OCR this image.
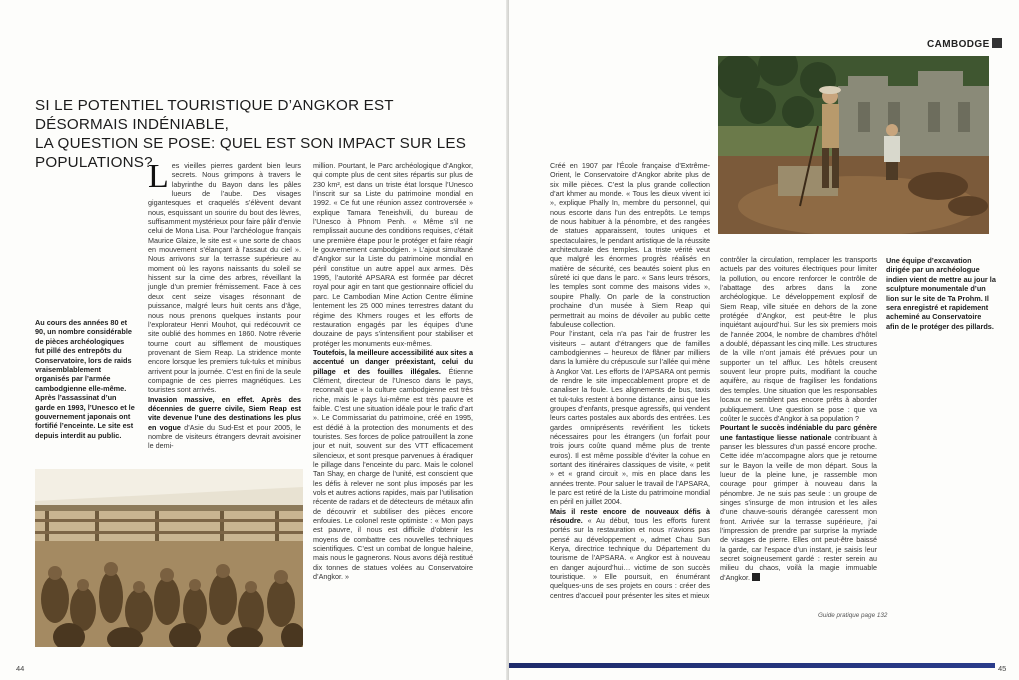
SI LE POTENTIEL TOURISTIQUE D’ANGKOR EST DÉSORMAIS INDÉNIABLE,
LA QUESTION SE POSE: QUEL EST SON IMPACT SUR LES POPULATIONS?
Au cours des années 80 et 90, un nombre considérable de pièces archéologiques fut pillé des entrepôts du Conservatoire, lors de raids vraisemblablement organisés par l’armée cambodgienne elle-même. Après l’assassinat d’un garde en 1993, l’Unesco et le gouvernement japonais ont fortifié l’enceinte. Le site est depuis interdit au public.
L es vieilles pierres gardent bien leurs secrets. Nous grimpons à travers le labyrinthe du Bayon dans les pâles lueurs de l’aube. Des visages gigantesques et craquelés s’élèvent devant nous, esquissant un sourire du bout des lèvres, suffisamment mystérieux pour faire pâlir d’envie celui de Mona Lisa. Pour l’archéologue français Maurice Glaize, le site est « une sorte de chaos en mouvement s’élançant à l’assaut du ciel ». Nous arrivons sur la terrasse supérieure au moment où les rayons naissants du soleil se hissent sur la cime des arbres, réveillant la jungle d’un premier frémissement. Face à ces deux cent seize visages résonnant de puissance, malgré leurs huit cents ans d’âge, nous nous prenons quelques instants pour l’explorateur Henri Mouhot, qui redécouvrit ce site oublié des hommes en 1860. Notre rêverie tourne court au sifflement de moustiques provenant de Siem Reap. La stridence monte encore lorsque les premiers tuk-tuks et minibus arrivent pour la journée. C’est en fini de la seule compagnie de ces pierres magnétiques. Les touristes sont arrivés.

Invasion massive, en effet. Après des décennies de guerre civile, Siem Reap est vite devenue l’une des destinations les plus en vogue d’Asie du Sud-Est et pour 2005, le nombre de visiteurs étrangers devrait avoisiner le demi-

million. Pourtant, le Parc archéologique d’Angkor, qui compte plus de cent sites répartis sur plus de 230 km², est dans un triste état lorsque l’Unesco l’inscrit sur sa Liste du patrimoine mondial en 1992. « Ce fut une réunion assez controversée » explique Tamara Teneishvili, du bureau de l’Unesco à Phnom Penh. « Même s’il ne remplissait aucune des conditions requises, c’était une première étape pour le protéger et faire réagir le gouvernement cambodgien. » L’ajout simultané d’Angkor sur la Liste du patrimoine mondial en péril constitue un autre appel aux armes. Dès 1995, l’autorité APSARA est formée par décret royal pour agir en tant que gestionnaire officiel du parc. Le Cambodian Mine Action Centre élimine lentement les 25 000 mines terrestres datant du régime des Khmers rouges et les efforts de restauration engagés par les équipes d’une douzaine de pays s’intensifient pour stabiliser et protéger les monuments eux-mêmes.

Toutefois, la meilleure accessibilité aux sites a accentué un danger préexistant, celui du pillage et des fouilles illégales. Étienne Clément, directeur de l’Unesco dans le pays, reconnaît que « la culture cambodgienne est très riche, mais le pays lui-même est très pauvre et faible. C’est une situation idéale pour le trafic d’art ». Le Commissariat du patrimoine, créé en 1995, est dédié à la protection des monuments et des touristes. Ses forces de police patrouillent la zone jour et nuit, souvent sur des VTT efficacement silencieux, et sont presque parvenues à éradiquer le pillage dans l’enceinte du parc. Mais le colonel Tan Shay, en charge de l’unité, est conscient que les défis à relever ne sont plus imposés par les vols et autres actions rapides, mais par l’utilisation récente de radars et de détecteurs de métaux afin de découvrir et subtiliser des pièces encore enfouies. Le colonel reste optimiste : « Mon pays est pauvre, il nous est difficile d’obtenir les moyens de combattre ces nouvelles techniques scientifiques. C’est un combat de longue haleine, mais nous le gagnerons. Nous avons déjà restitué dix tonnes de statues volées au Conservatoire d’Angkor. »

44
CAMBODGE
Une équipe d’excavation dirigée par un archéologue indien vient de mettre au jour la sculpture monumentale d’un lion sur le site de Ta Prohm. Il sera enregistré et rapidement acheminé au Conservatoire afin de le protéger des pillards.

Créé en 1907 par l’École française d’Extrême-Orient, le Conservatoire d’Angkor abrite plus de six mille pièces. C’est la plus grande collection d’art khmer au monde. « Tous les dieux vivent ici », explique Phally In, membre du personnel, qui nous escorte dans l’un des entrepôts. Le temps de nous habituer à la pénombre, et des rangées de statues apparaissent, toutes uniques et spectaculaires, le pendant artistique de la réussite architecturale des temples. La triste vérité veut que malgré les énormes progrès réalisés en matière de sécurité, ces beautés soient plus en sûreté ici que dans le parc. « Sans leurs trésors, les temples sont comme des maisons vides », soupire Phally. On parle de la construction prochaine d’un musée à Siem Reap qui permettrait au moins de dévoiler au public cette fabuleuse collection.

Pour l’instant, cela n’a pas l’air de frustrer les visiteurs – autant d’étrangers que de familles cambodgiennes – heureux de flâner par milliers dans la lumière du crépuscule sur l’allée qui mène à Angkor Vat. Les efforts de l’APSARA ont permis de rendre le site impeccablement propre et de canaliser la foule. Les alignements de bus, taxis et tuk-tuks restent à bonne distance, ainsi que les groupes d’enfants, presque agressifs, qui vendent leurs cartes postales aux abords des entrées. Les gardes omniprésents revérifient les tickets nécessaires pour les étrangers (un forfait pour trois jours coûte quand même plus de trente euros). Il est même possible d’éviter la cohue en sortant des itinéraires classiques de visite, « petit » et « grand circuit », mis en place dans les années trente. Pour saluer le travail de l’APSARA, le parc est retiré de la Liste du patrimoine mondial en péril en juillet 2004.

Mais il reste encore de nouveaux défis à résoudre. « Au début, tous les efforts furent portés sur la restauration et nous n’avions pas pensé au développement », admet Chau Sun Kerya, directrice technique du Département du tourisme de l’APSARA. « Angkor est à nouveau en danger aujourd’hui… victime de son succès touristique. » Elle poursuit, en énumérant quelques-uns de ses projets en cours : créer des centres d’accueil pour présenter les sites et mieux

contrôler la circulation, remplacer les transports actuels par des voitures électriques pour limiter la pollution, ou encore renforcer le contrôle de l’abattage des arbres dans la zone archéologique. Le développement explosif de Siem Reap, ville située en dehors de la zone protégée d’Angkor, est peut-être le plus inquiétant aujourd’hui. Sur les six premiers mois de l’année 2004, le nombre de chambres d’hôtel a doublé, dépassant les cinq mille. Les structures de la ville n’ont jamais été prévues pour un supporter un tel afflux. Les hôtels creusent souvent leur propre puits, modifiant la couche aquifère, au risque de fragiliser les fondations des temples. Une situation que les responsables locaux ne semblent pas encore prêts à aborder publiquement. Une question se pose : que va coûter le succès d’Angkor à sa population ?

Pourtant le succès indéniable du parc génère une fantastique liesse nationale contribuant à panser les blessures d’un passé encore proche. Cette idée m’accompagne alors que je retourne sur le Bayon la veille de mon départ. Sous la lueur de la pleine lune, je rassemble mon courage pour grimper à nouveau dans la pénombre. Je ne suis pas seule : un groupe de singes s’insurge de mon intrusion et les ailes d’une chauve-souris dérangée caressent mon front. Arrivée sur la terrasse supérieure, j’ai l’impression de prendre par surprise la myriade de visages de pierre. Elles ont peut-être baissé la garde, car l’espace d’un instant, je saisis leur secret soigneusement gardé : rester serein au milieu du chaos, voilà la magie immuable d’Angkor.

Guide pratique page 132
45
